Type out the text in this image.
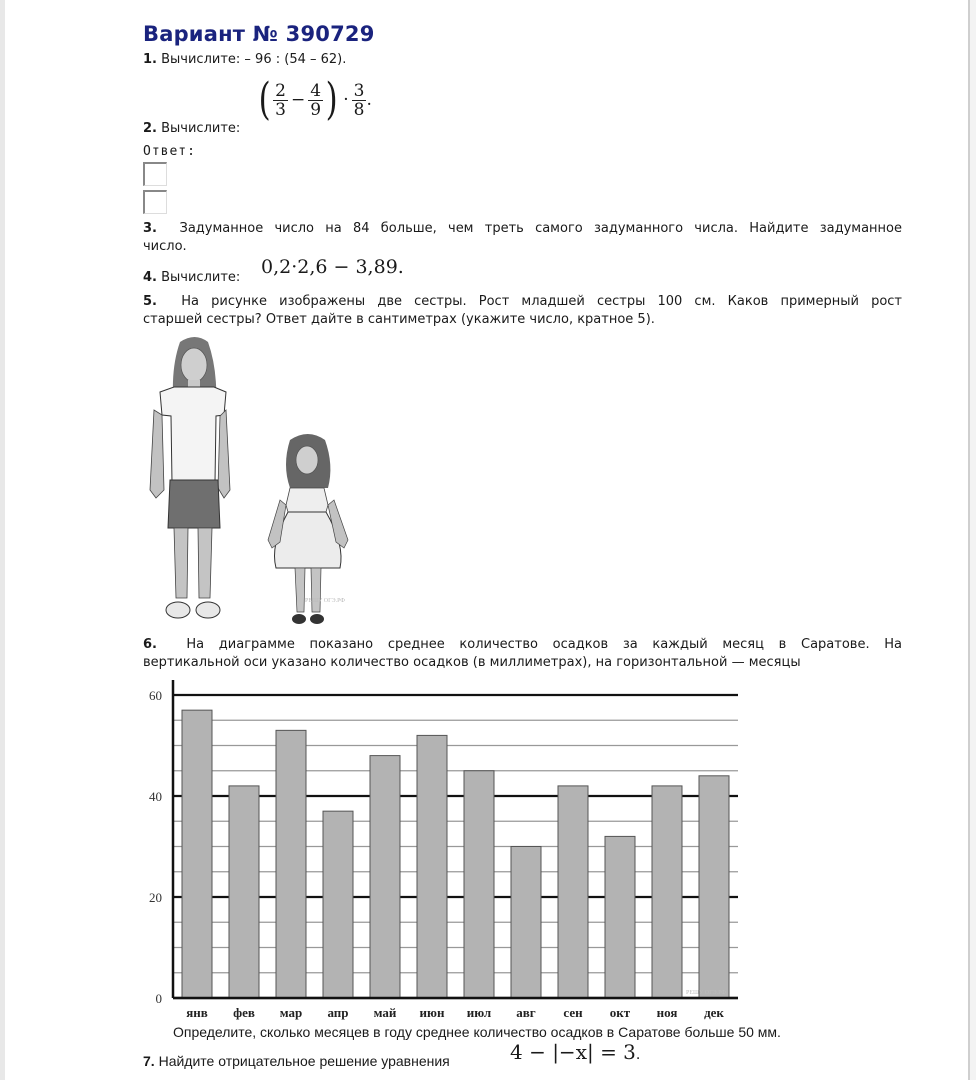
Вариант № 390729
1. Вычислите: – 96 : (54 – 62).
2. Вычислите:
( $\frac{2}{3} - \frac{4}{9}$ ) · $\frac{3}{8}$ .
Ответ:
3. Задуманное число на 84 больше, чем треть самого задуманного числа. Найдите задуманное
число.
4. Вычислите: 0,2·2,6 − 3,89.
5. На рисунке изображены две сестры. Рост младшей сестры 100 см. Каков примерный рост
старшей сестры? Ответ дайте в сантиметрах (укажите число, кратное 5).
РЕШУ ОГЭ.РФ
6. На диаграмме показано среднее количество осадков за каждый месяц в Саратове. На
вертикальной оси указано количество осадков (в миллиметрах), на горизонтальной — месяцы
0
20
40
60
янв фев мар апр май июн июл авг сен окт ноя дек
РЕШУ ОГЭ.РФ
Определите, сколько месяцев в году среднее количество осадков в Саратове больше 50 мм.
7. Найдите отрицательное решение уравнения	4 − |−x| = 3.
